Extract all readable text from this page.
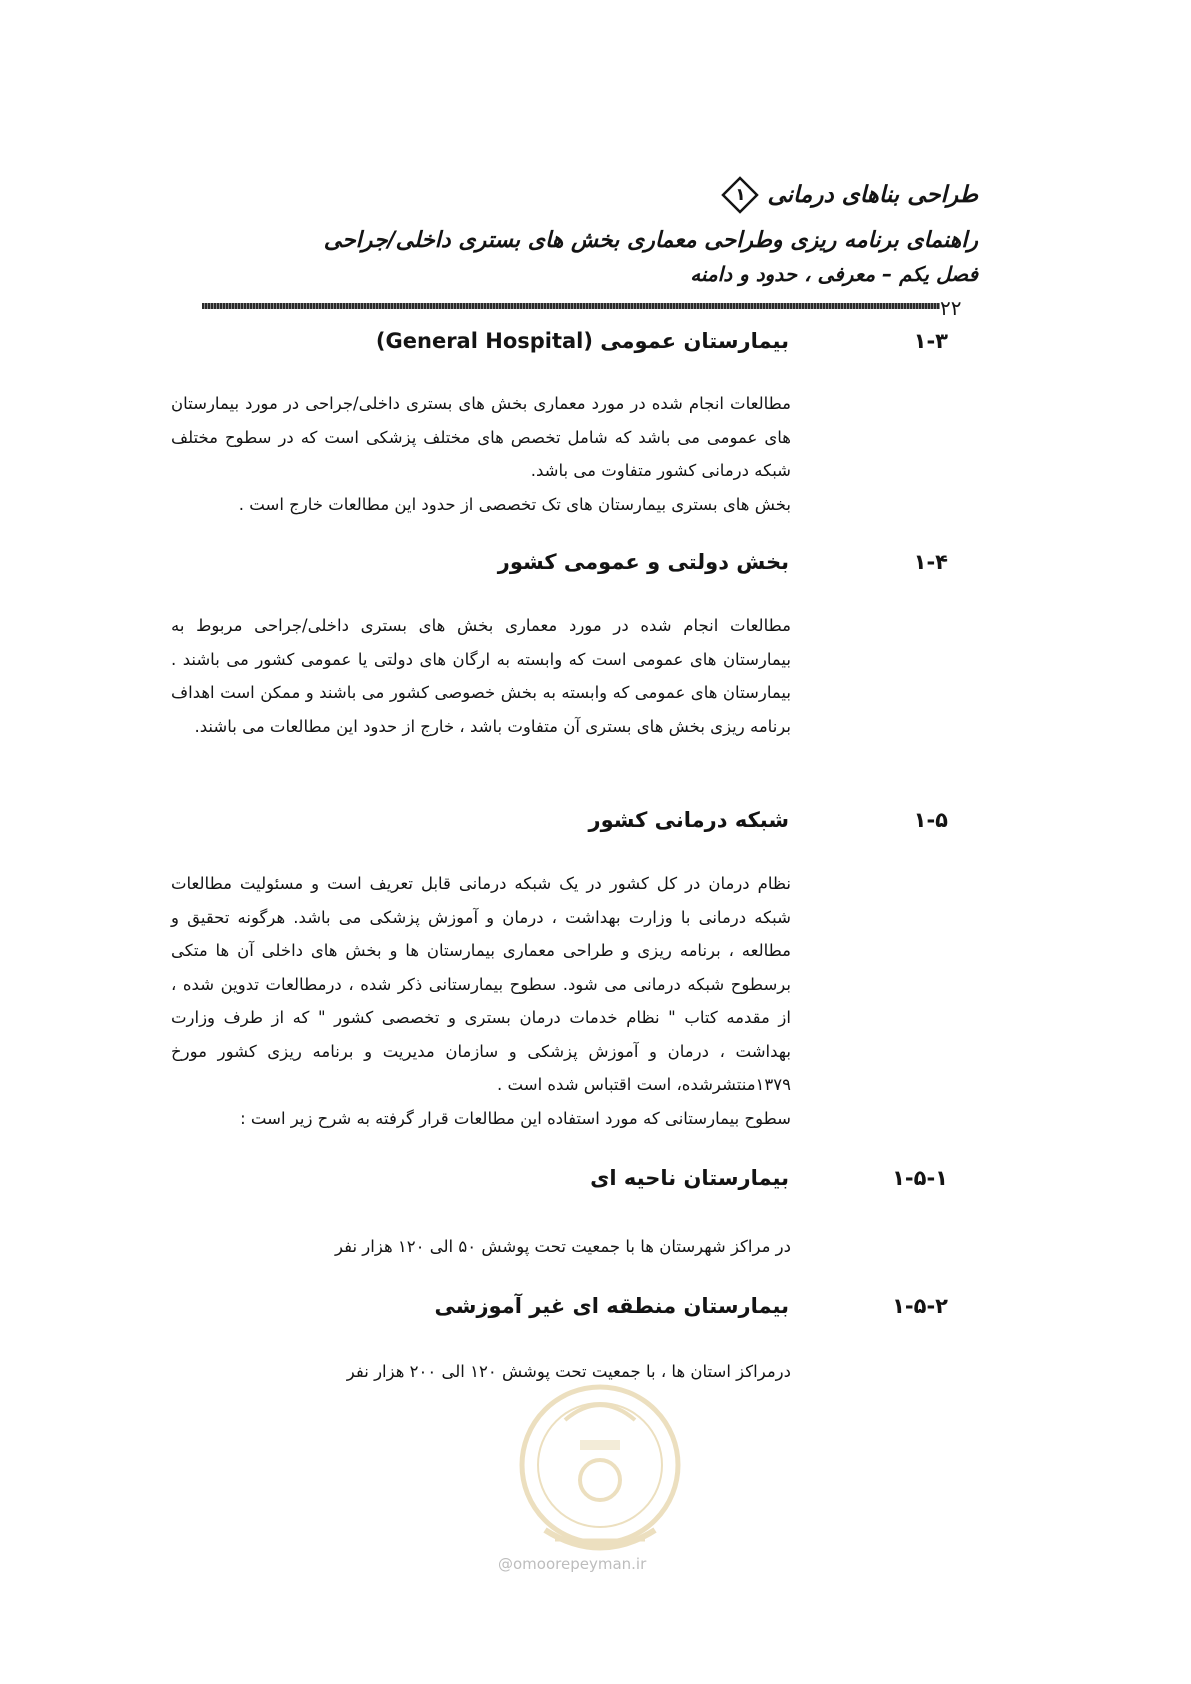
طراحی بناهای درمانی
۱
راهنمای برنامه ریزی وطراحی معماری بخش های بستری داخلی/جراحی
فصل یکم – معرفی ، حدود و دامنه
۲۲
۱-۳
بیمارستان عمومی (General Hospital)

مطالعات انجام شده در مورد معماری بخش های بستری داخلی/جراحی در مورد بیمارستان های عمومی می باشد که شامل تخصص های مختلف پزشکی است که در سطوح مختلف شبکه درمانی کشور متفاوت می باشد.

بخش های بستری بیمارستان های تک تخصصی از حدود این مطالعات خارج است .

۱-۴
بخش دولتی و عمومی کشور

مطالعات انجام شده در مورد معماری بخش های بستری داخلی/جراحی مربوط به بیمارستان های عمومی است که وابسته به ارگان های دولتی یا عمومی کشور می باشند . بیمارستان های عمومی که وابسته به بخش خصوصی کشور می باشند و ممکن است اهداف برنامه ریزی بخش های بستری آن متفاوت باشد ، خارج از حدود این مطالعات می باشند.

۱-۵
شبکه درمانی کشور

نظام درمان در کل کشور در یک شبکه درمانی قابل تعریف است و مسئولیت مطالعات شبکه درمانی با وزارت بهداشت ، درمان و آموزش پزشکی می باشد. هرگونه تحقیق و مطالعه ، برنامه ریزی و طراحی معماری بیمارستان ها و بخش های داخلی آن ها متکی برسطوح شبکه درمانی می شود. سطوح بیمارستانی ذکر شده ، درمطالعات تدوین شده ، از مقدمه کتاب " نظام خدمات درمان بستری و تخصصی کشور " که از طرف وزارت بهداشت ، درمان و آموزش پزشکی و سازمان مدیریت و برنامه ریزی کشور مورخ ۱۳۷۹منتشرشده، است اقتباس شده است .

سطوح بیمارستانی که مورد استفاده این مطالعات قرار گرفته به شرح زیر است :

۱-۵-۱
بیمارستان ناحیه ای

در مراکز شهرستان ها با جمعیت تحت پوشش ۵۰ الی ۱۲۰ هزار نفر

۱-۵-۲
بیمارستان منطقه ای غیر آموزشی

درمراکز استان ها ، با جمعیت تحت پوشش ۱۲۰ الی ۲۰۰ هزار نفر

@omoorepeyman.ir
